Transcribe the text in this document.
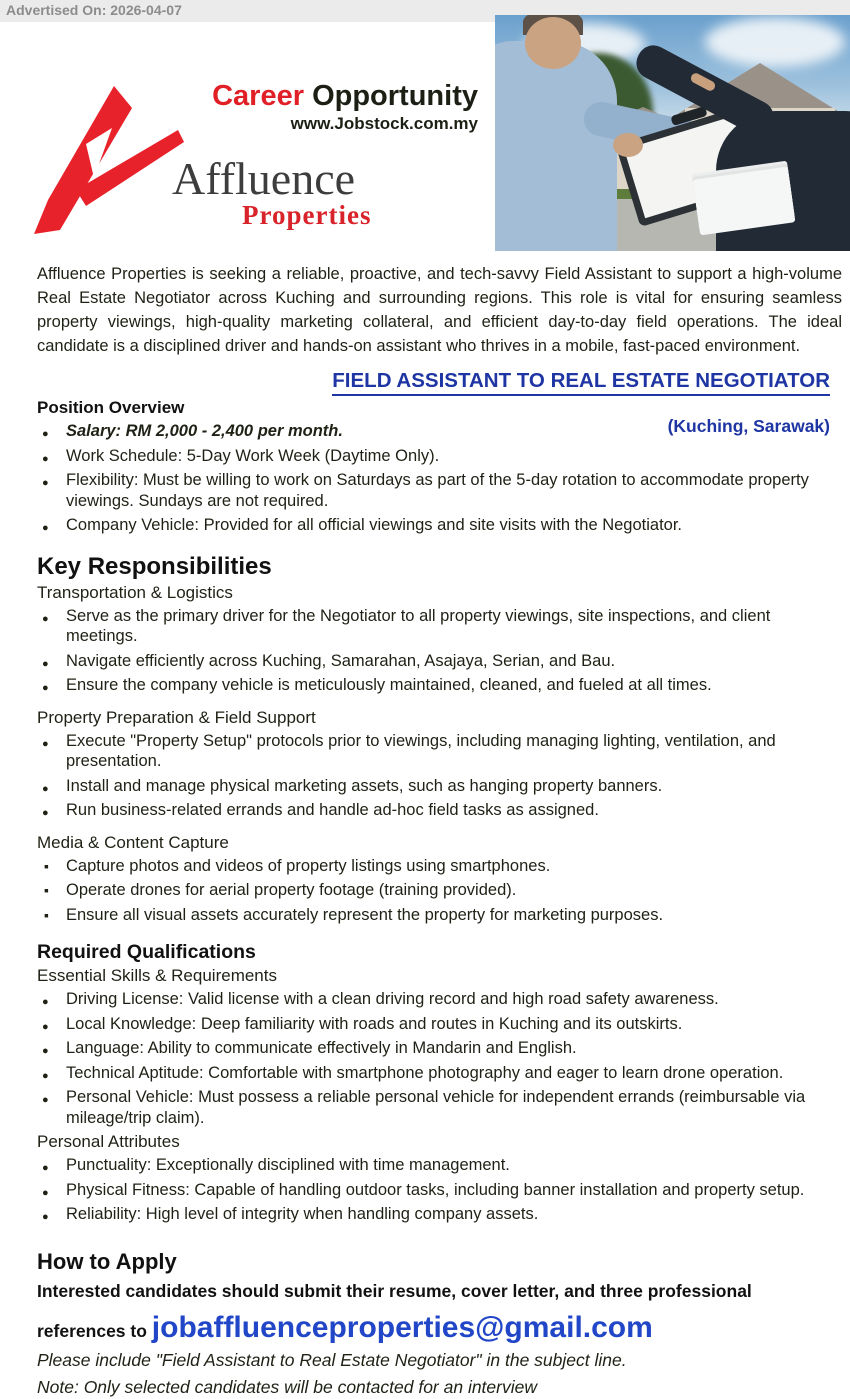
Advertised On: 2026-04-07
Affluence
Properties
Career Opportunity
www.Jobstock.com.my

Affluence Properties is seeking a reliable, proactive, and tech-savvy Field Assistant to support a high-volume Real Estate Negotiator across Kuching and surrounding regions. This role is vital for ensuring seamless property viewings, high-quality marketing collateral, and efficient day-to-day field operations. The ideal candidate is a disciplined driver and hands-on assistant who thrives in a mobile, fast-paced environment.

FIELD ASSISTANT TO REAL ESTATE NEGOTIATOR
Position Overview
(Kuching, Sarawak)
● Salary: RM 2,000 - 2,400 per month.
● Work Schedule: 5-Day Work Week (Daytime Only).
● Flexibility: Must be willing to work on Saturdays as part of the 5-day rotation to accommodate property viewings. Sundays are not required.
● Company Vehicle: Provided for all official viewings and site visits with the Negotiator.
Key Responsibilities
Transportation & Logistics
● Serve as the primary driver for the Negotiator to all property viewings, site inspections, and client meetings.
● Navigate efficiently across Kuching, Samarahan, Asajaya, Serian, and Bau.
● Ensure the company vehicle is meticulously maintained, cleaned, and fueled at all times.
Property Preparation & Field Support
● Execute "Property Setup" protocols prior to viewings, including managing lighting, ventilation, and presentation.
● Install and manage physical marketing assets, such as hanging property banners.
● Run business-related errands and handle ad-hoc field tasks as assigned.
Media & Content Capture
▪ Capture photos and videos of property listings using smartphones.
▪ Operate drones for aerial property footage (training provided).
▪ Ensure all visual assets accurately represent the property for marketing purposes.
Required Qualifications
Essential Skills & Requirements
● Driving License: Valid license with a clean driving record and high road safety awareness.
● Local Knowledge: Deep familiarity with roads and routes in Kuching and its outskirts.
● Language: Ability to communicate effectively in Mandarin and English.
● Technical Aptitude: Comfortable with smartphone photography and eager to learn drone operation.
● Personal Vehicle: Must possess a reliable personal vehicle for independent errands (reimbursable via mileage/trip claim).
Personal Attributes
● Punctuality: Exceptionally disciplined with time management.
● Physical Fitness: Capable of handling outdoor tasks, including banner installation and property setup.
● Reliability: High level of integrity when handling company assets.
How to Apply

Interested candidates should submit their resume, cover letter, and three professional

references to jobaffluenceproperties@gmail.com

Please include "Field Assistant to Real Estate Negotiator" in the subject line.

Note: Only selected candidates will be contacted for an interview
